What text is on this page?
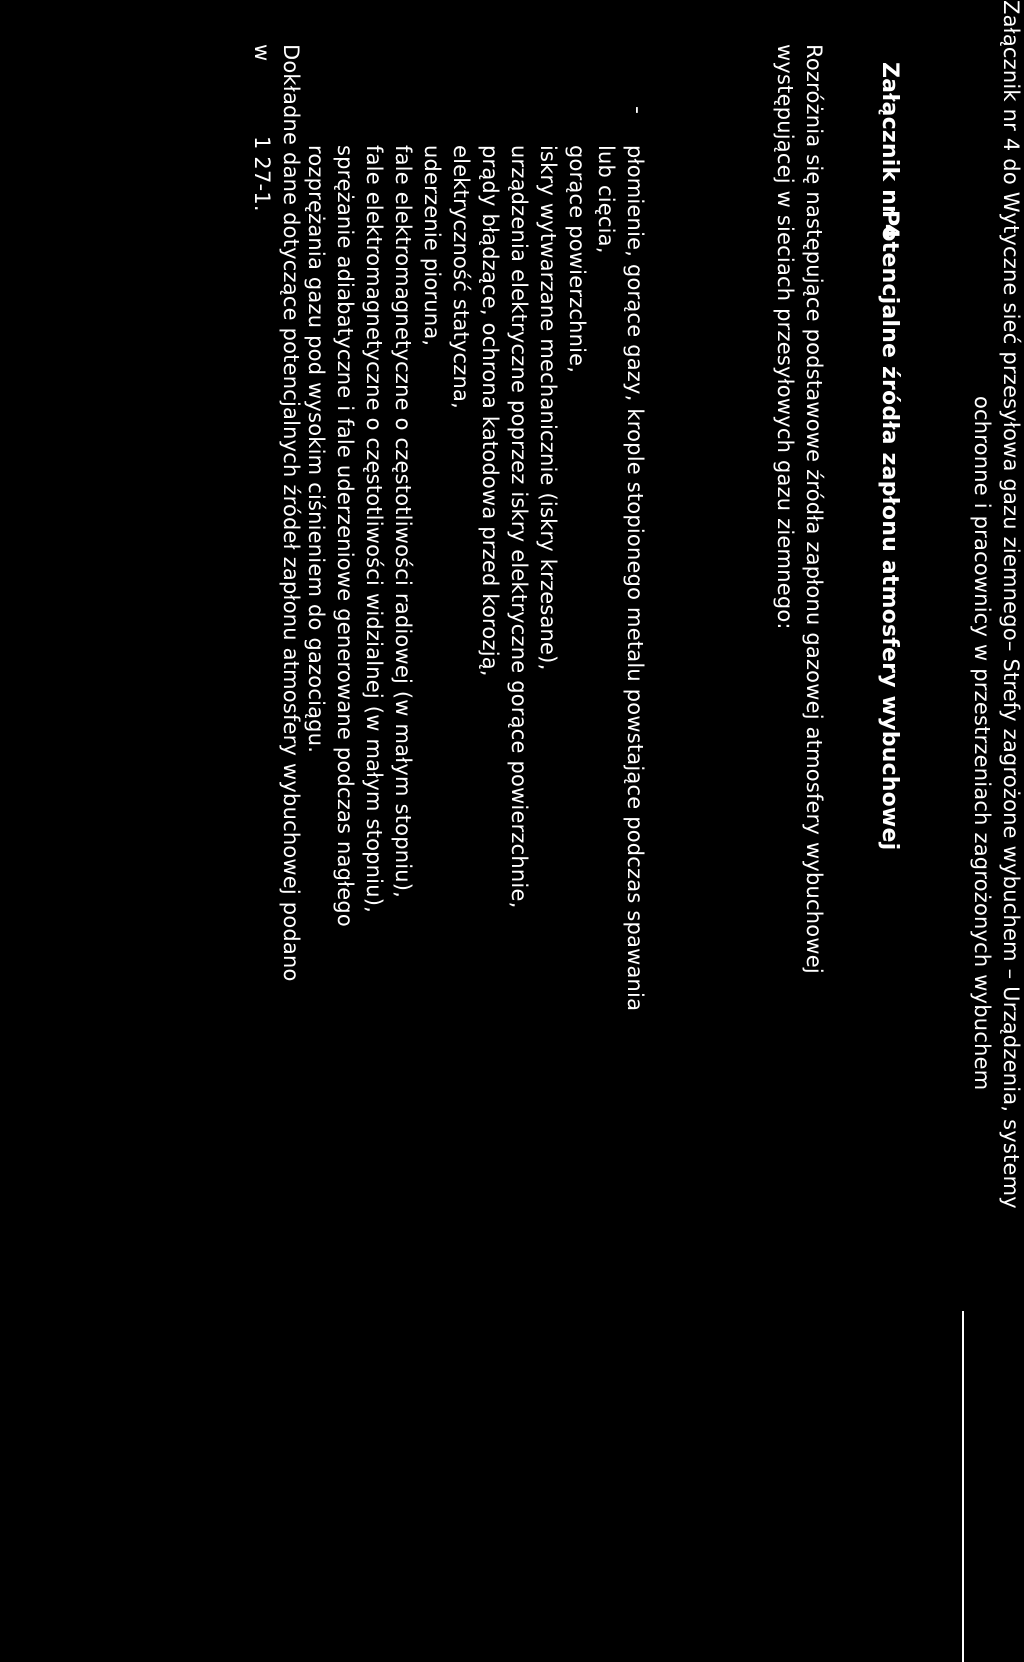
Załącznik nr 4 do Wytyczne sieć przesyłowa gazu ziemnego– Strefy zagrożone wybuchem – Urządzenia, systemy
ochronne i pracownicy w przestrzeniach zagrożonych wybuchem
Załącznik nr 4Potencjalne źródła zapłonu atmosfery wybuchowej
Rozróżnia się następujące podstawowe źródła zapłonu gazowej atmosfery wybuchowej
występującej w sieciach przesyłowych gazu ziemnego:
-
płomienie, gorące gazy, krople stopionego metalu powstające podczas spawania
lub cięcia,
gorące powierzchnie,
iskry wytwarzane mechanicznie (iskry krzesane),
urządzenia elektryczne poprzez iskry elektryczne gorące powierzchnie,
prądy błądzące, ochrona katodowa przed korozją,
elektryczność statyczna,
uderzenie pioruna,
fale elektromagnetyczne o częstotliwości radiowej (w małym stopniu),
fale elektromagnetyczne o częstotliwości widzialnej (w małym stopniu),
sprężanie adiabatyczne i fale uderzeniowe generowane podczas nagłego
rozprężania gazu pod wysokim ciśnieniem do gazociągu.
Dokładne dane dotyczące potencjalnych źródeł zapłonu atmosfery wybuchowej podano
w
1 27-1.
